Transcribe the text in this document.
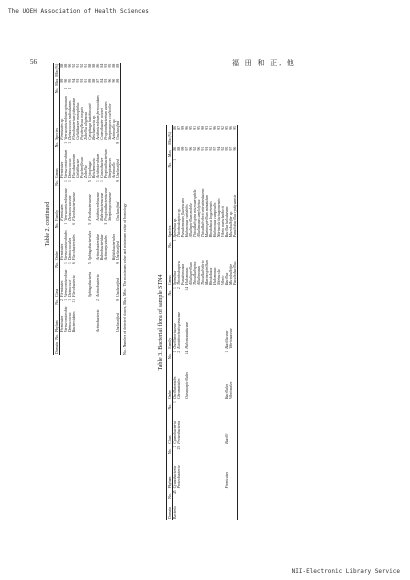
The UOEH Association of Health Sciences
56	福 田 和 正, 他
Table 2. continued
Domain	No.	Phylum	No.	Class	No.	Order	No.	Family	No.	Genus	No.	Species	No.	Max	Min (%)
		Firmicutes	2	Firmicutes		Firmicutes		Firmicutes		Firmicutes		Firmicutes sp.		89	88
		Verrucomicrobia	1	Verrucomicrobiae	1	Verrucomicrobiales	1	Verrucomicrobiaceae	1	Verrucomicrobium	1	Verrucomicrobium spinosum	1	90	88
		Deinococcus	1	Deinococci	1	Deinococcales		Deinococcaceae	1	Deinococcus	1	Deinococcus radiodurans	1	95	90
		Bacteroidetes	11	Flavobacteria	6	Flavobacteriales	6	Flavobacteriaceae		Flavobacterium		Flavobacterium johnsoniae		94	92
										Gelidibacter		Gelidibacter mesophilus		93	91
										Psychroflexus		Psychroflexus torquis		93	92
										Zobellia		Zobellia uliginosa		91	91
				Sphingobacteria	5	Sphingobacteriales	5	Flexibacteraceae	5	Cytophaga		Cytophaga hutchinsonii		89	88
										Reichenowia		Reichenowia sp.		88	88
		Actinobacteria	2	Actinobacteria		Actinobacteridae		Acidimicrobiaceae	1	Acidimicrobium		Acidimicrobium ferrooxidans		87	86
						Rubrobacteridae		Rubrobacteraceae	1	Conexibacter		Conexibacter woesei		84	84
						Actinomycetales	3	Propionibacteriaceae		Propionibacterium		Propionibacterium acnes		93	93
								Streptomycetaceae		Streptomyces		Streptomyces coelicolor		96	95
						Bifidobacteriales				Actinoallo		Actinoallo sp.		90	88
		Unclassified	9	Unclassified	9	Unclassified		Unclassified	9	Unclassified	9	Unclassified		89	89
No.: Number of detected clones, Max, Min : The maximum value and minimum value of homology	Table 3. Bacterial flora of sample STN4
Domain	No.	Phylum	No.	Class	No.	Order	No.	Family	No.	Genus	No.	Species	No.	Max	Min (%)
Bacteria	45	Cyanobacteria	1	Cyanobacteria	1	Oscillatoriales	1	Oscillatoriaceae	1	Spirulina	1	Spirulina sp.	1	86	86
		Proteobacteria	25	Proteobacteria		Chromatiales	2	Ectothiorhodospiraceae	2	Thiorhodospira		Thiorhodospira sp.		88	87
										Pseudomonas		Pseudomonas fluorescens		99	99
						Oceanospirillales	14	Halomonadaceae	14	Halomonas		Halomonas variabilis		97	96
										Alkalispirillum		Alkalispirillum mobile		96	95
										Thioalkalispira		Thioalkalispira microaerophila		92	91
										Alkalimonas		Alkalimonas amylolytica		96	95
										Thioalkalivibrio		Thioalkalivibrio nitratireducens		91	90
										Marinospirillum		Marinospirillum minutulum		93	93
										Rhodobaca		Rhodobaca bogoriensis		92	91
										Halomonas		Halomonas campisalis		97	96
										Nitrincola		Nitrincola lacisaponensis		94	93
										Vibrio		Vibrio metschnikovii		92	92
		Firmicutes		Bacilli		Bacillales	1	Bacillaceae		Bacillus		Bacillus halodurans		95	95
						Vibrionales		Vibrionaceae		Microbulbifer		Microbulbifer sp.		97	96
										Paraliobacillus		Paraliobacillus ryukyuensis		96	95
NII-Electronic Library Service
